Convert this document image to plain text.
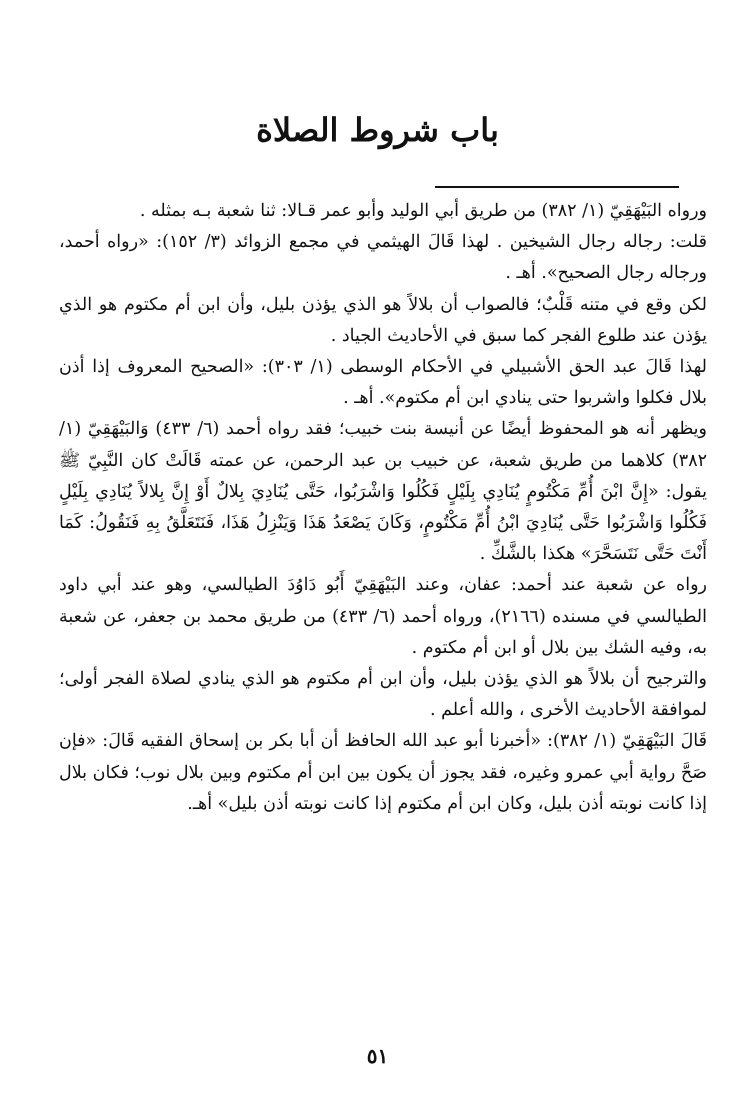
باب شروط الصلاة

ورواه البَيْهَقِيّ (١/ ٣٨٢) من طريق أبي الوليد وأبو عمر قـالا: ثنا شعبة بـه بمثله .

قلت: رجاله رجال الشيخين . لهذا قَالَ الهيثمي في مجمع الزوائد (٣/ ١٥٢): «رواه أحمد، ورجاله رجال الصحيح». أهـ .

لكن وقع في متنه قَلْبٌ؛ فالصواب أن بلالاً هو الذي يؤذن بليل، وأن ابن أم مكتوم هو الذي يؤذن عند طلوع الفجر كما سبق في الأحاديث الجياد .

لهذا قَالَ عبد الحق الأشبيلي في الأحكام الوسطى (١/ ٣٠٣): «الصحيح المعروف إذا أذن بلال فكلوا واشربوا حتى ينادي ابن أم مكتوم». أهـ .

ويظهر أنه هو المحفوظ أيضًا عن أنيسة بنت خبيب؛ فقد رواه أحمد (٦/ ٤٣٣) وَالبَيْهَقِيّ (١/ ٣٨٢) كلاهما من طريق شعبة، عن خبيب بن عبد الرحمن، عن عمته قَالَتْ كان النَّبِيّ ﷺ يقول: «إِنَّ ابْنَ أُمِّ مَكْتُومٍ يُنَادِي بِلَيْلٍ فَكُلُوا وَاشْرَبُوا، حَتَّى يُنَادِيَ بِلالٌ أَوْ إِنَّ بِلالاً يُنَادِي بِلَيْلٍ فَكُلُوا وَاشْرَبُوا حَتَّى يُنَادِيَ ابْنُ أُمِّ مَكْتُومٍ، وَكَانَ يَصْعَدُ هَذَا وَيَنْزِلُ هَذَا، فَنَتَعَلَّقُ بِهِ فَنَقُولُ: كَمَا أَنْتَ حَتَّى نَتَسَحَّرَ» هكذا بالشَّكِّ .

رواه عن شعبة عند أحمد: عفان، وعند البَيْهَقِيّ أَبُو دَاوُدَ الطيالسي، وهو عند أبي داود الطيالسي في مسنده (٢١٦٦)، ورواه أحمد (٦/ ٤٣٣) من طريق محمد بن جعفر، عن شعبة به، وفيه الشك بين بلال أو ابن أم مكتوم .

والترجيح أن بلالاً هو الذي يؤذن بليل، وأن ابن أم مكتوم هو الذي ينادي لصلاة الفجر أولى؛ لموافقة الأحاديث الأخرى ، والله أعلم .

قَالَ البَيْهَقِيّ (١/ ٣٨٢): «أخبرنا أبو عبد الله الحافظ أن أبا بكر بن إسحاق الفقيه قَالَ: «فإن صَحَّ رواية أبي عمرو وغيره، فقد يجوز أن يكون بين ابن أم مكتوم وبين بلال نوب؛ فكان بلال إذا كانت نوبته أذن بليل، وكان ابن أم مكتوم إذا كانت نوبته أذن بليل» أهـ.

٥١
